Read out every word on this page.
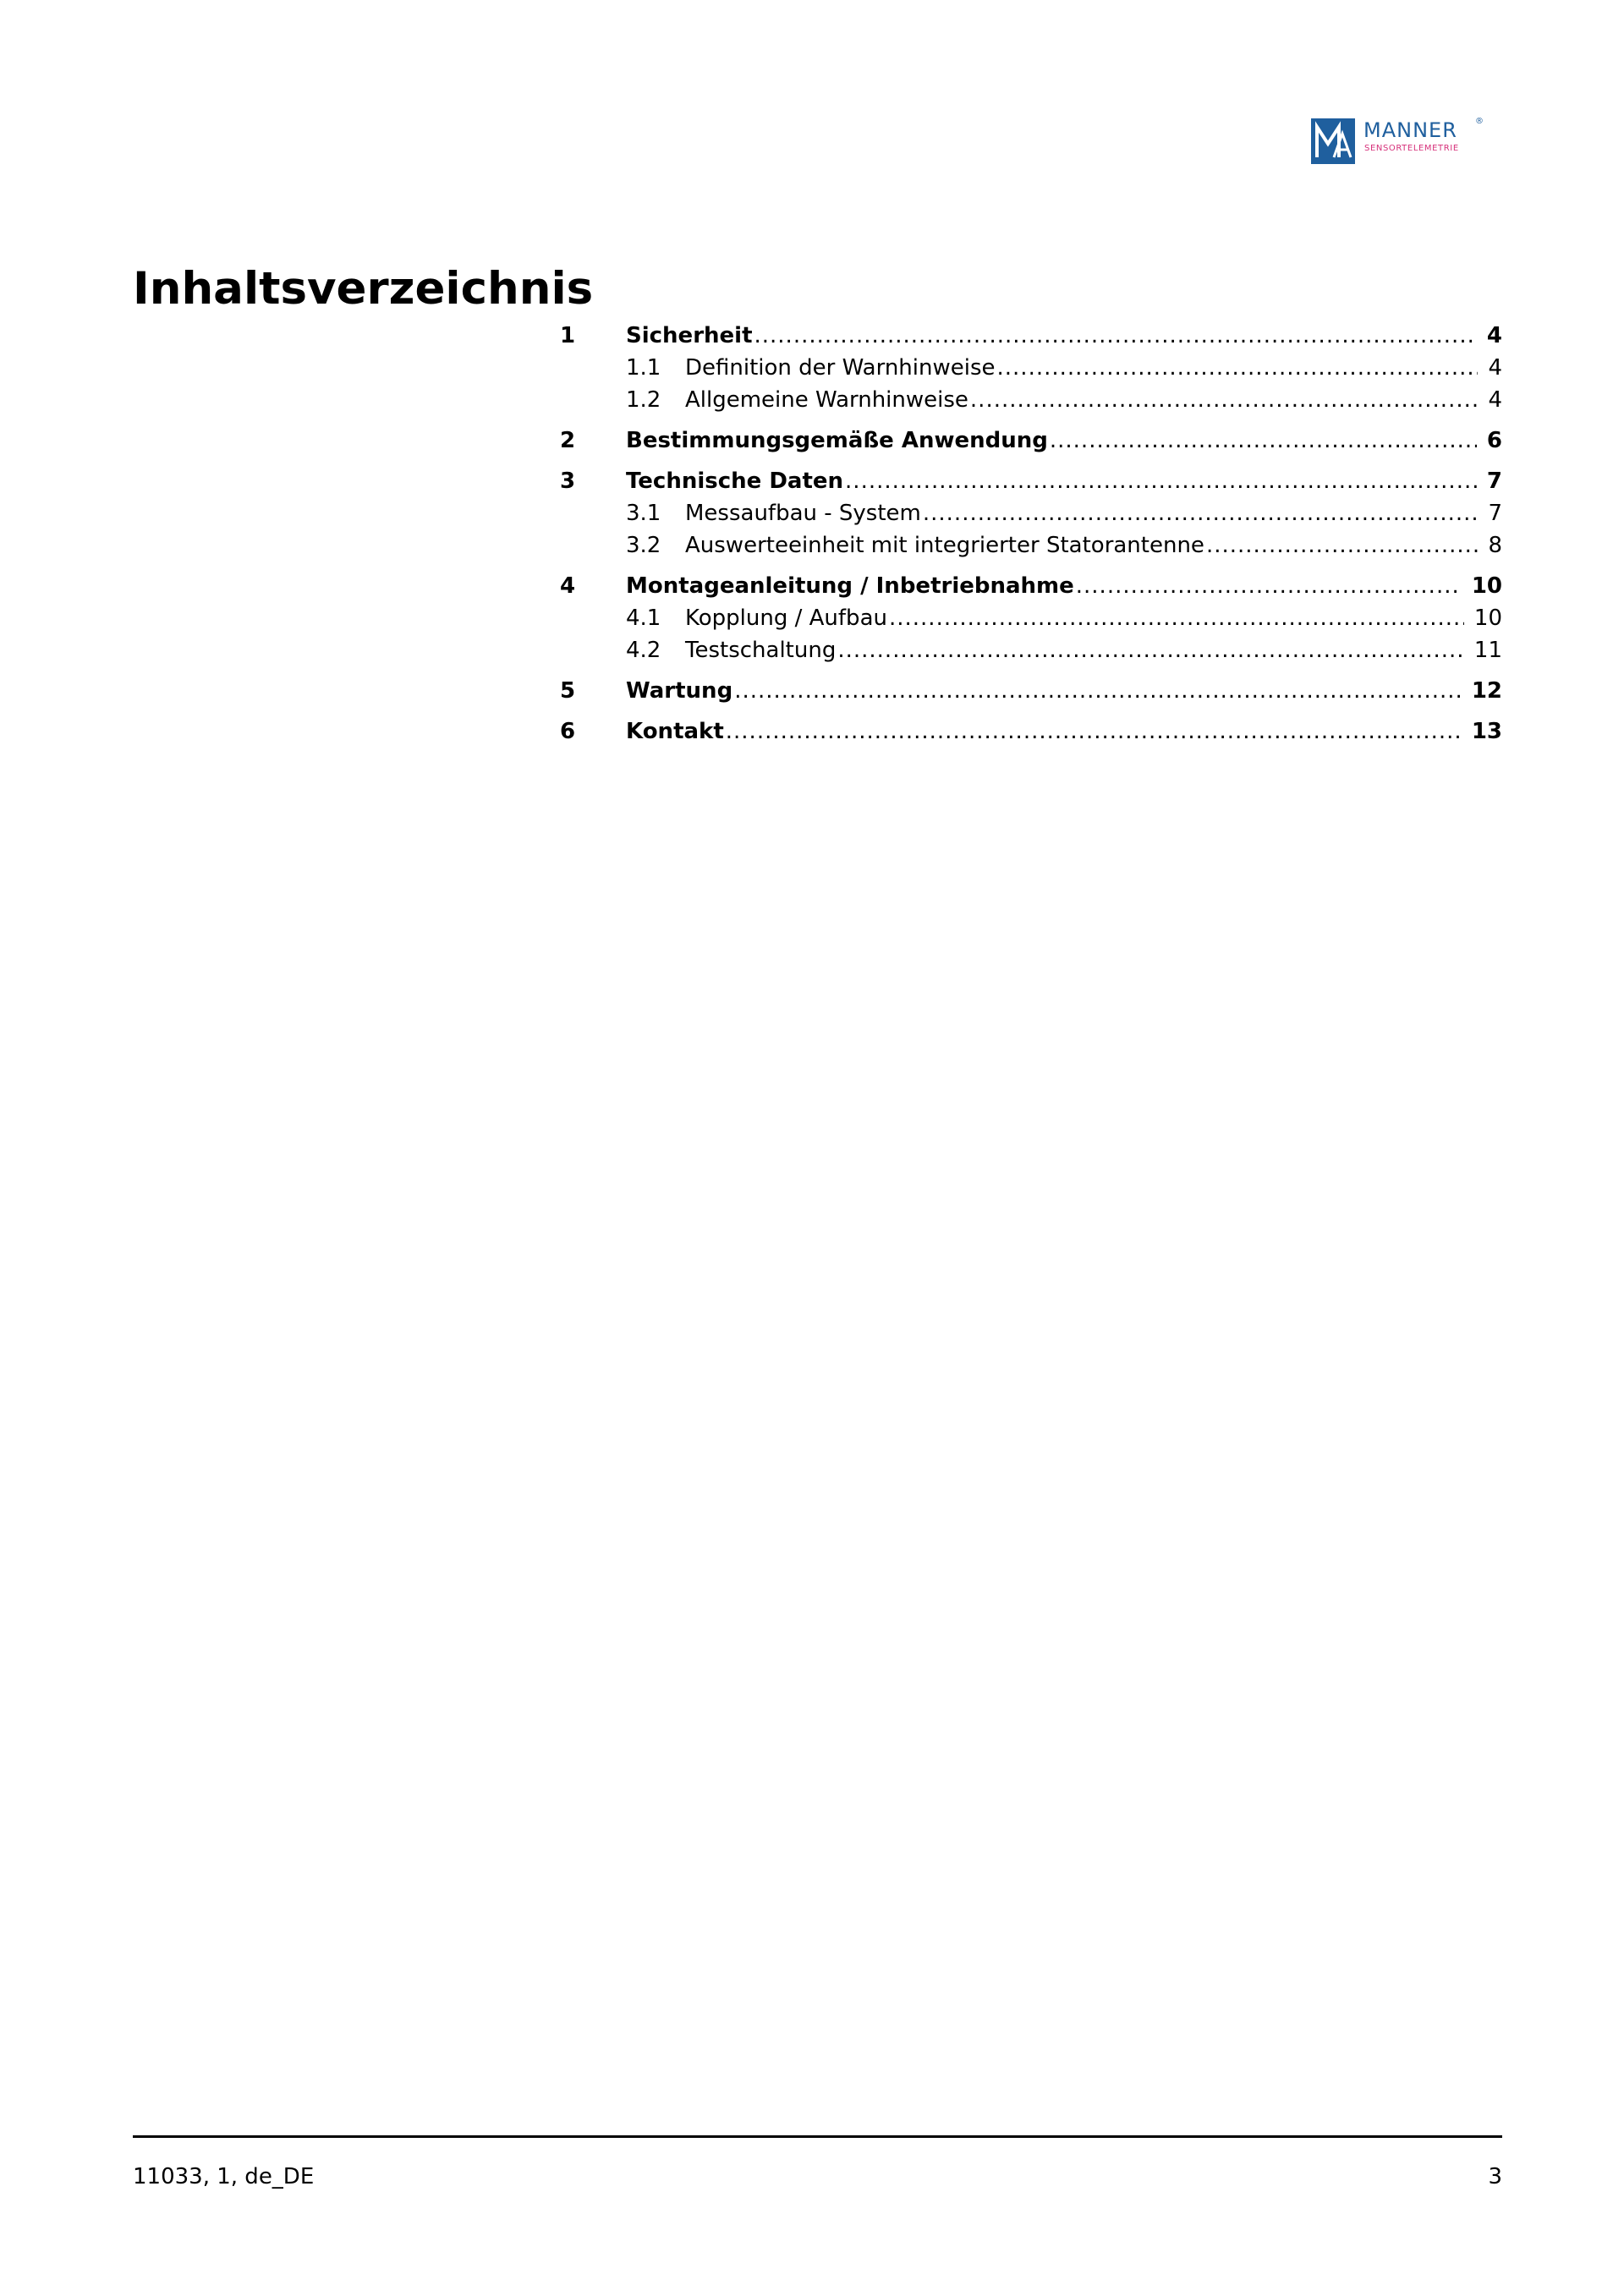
MANNER ®
SENSORTELEMETRIE
Inhaltsverzeichnis
1	Sicherheit .....	4
1.1	Definition der Warnhinweise .....	4
1.2	Allgemeine Warnhinweise .....	4
2	Bestimmungsgemäße Anwendung .....	6
3	Technische Daten .....	7
3.1	Messaufbau - System .....	7
3.2	Auswerteeinheit mit integrierter Statorantenne .....	8
4	Montageanleitung / Inbetriebnahme .....	10
4.1	Kopplung / Aufbau .....	10
4.2	Testschaltung .....	11
5	Wartung .....	12
6	Kontakt .....	13
11033, 1, de_DE	3
